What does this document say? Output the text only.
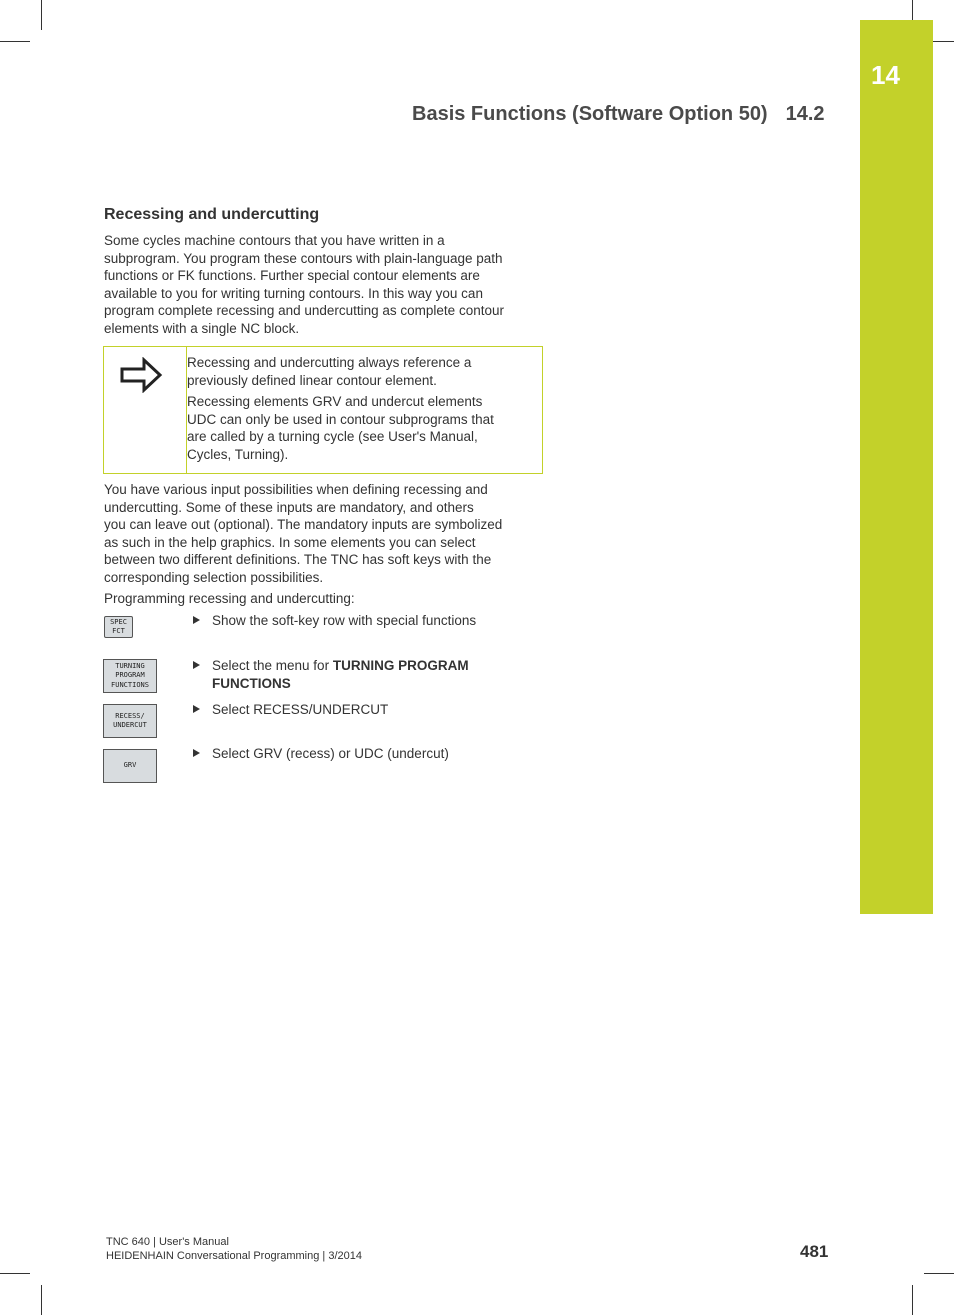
14
Basis Functions (Software Option 50) 14.2
Recessing and undercutting
Some cycles machine contours that you have written in a
subprogram. You program these contours with plain-language path
functions or FK functions. Further special contour elements are
available to you for writing turning contours. In this way you can
program complete recessing and undercutting as complete contour
elements with a single NC block.
Recessing and undercutting always reference a
previously defined linear contour element.
Recessing elements GRV and undercut elements
UDC can only be used in contour subprograms that
are called by a turning cycle (see User's Manual,
Cycles, Turning).
You have various input possibilities when defining recessing and
undercutting. Some of these inputs are mandatory, and others
you can leave out (optional). The mandatory inputs are symbolized
as such in the help graphics. In some elements you can select
between two different definitions. The TNC has soft keys with the
corresponding selection possibilities.
Programming recessing and undercutting:
SPEC
FCT
Show the soft-key row with special functions
TURNING
PROGRAM
FUNCTIONS
Select the menu for TURNING PROGRAM
FUNCTIONS
RECESS/
UNDERCUT
Select RECESS/UNDERCUT
GRV
Select GRV (recess) or UDC (undercut)
TNC 640 | User's Manual
HEIDENHAIN Conversational Programming | 3/2014	481
